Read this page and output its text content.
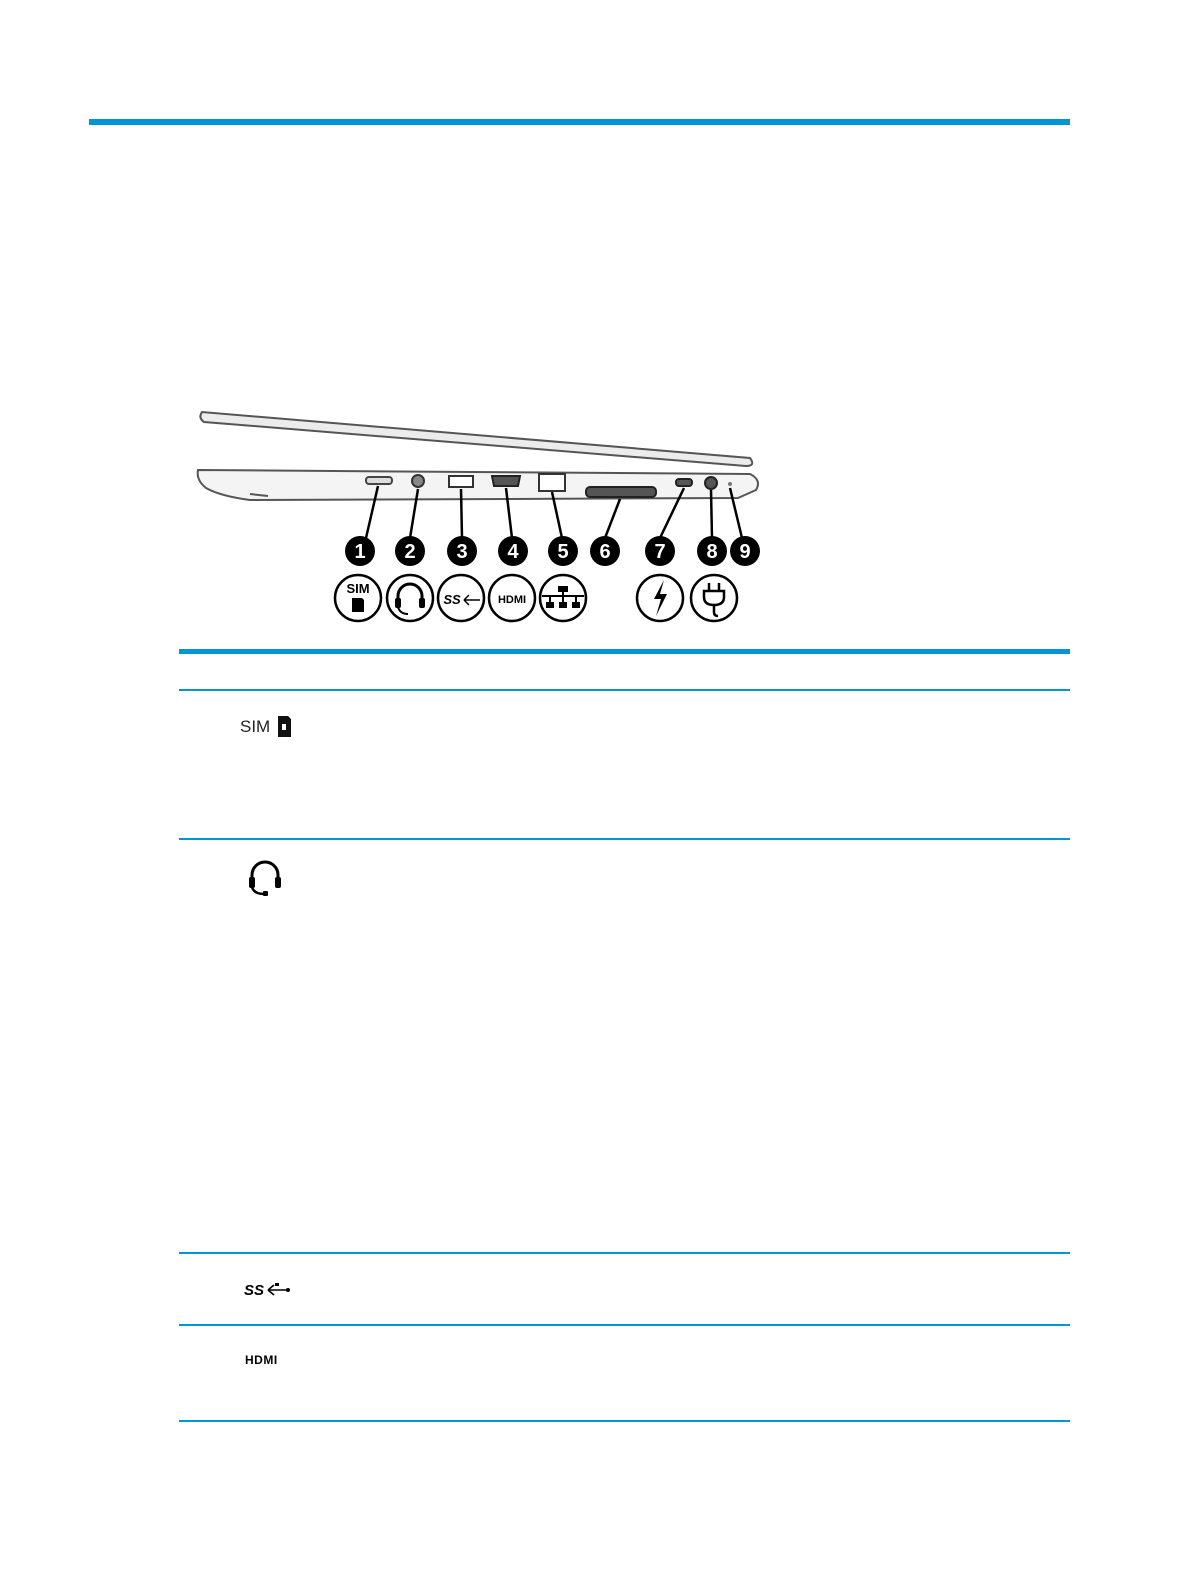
1 2 3 4 5 6 7 8 9
SIM
SS	HDMI
SIM
SS
HDMI
